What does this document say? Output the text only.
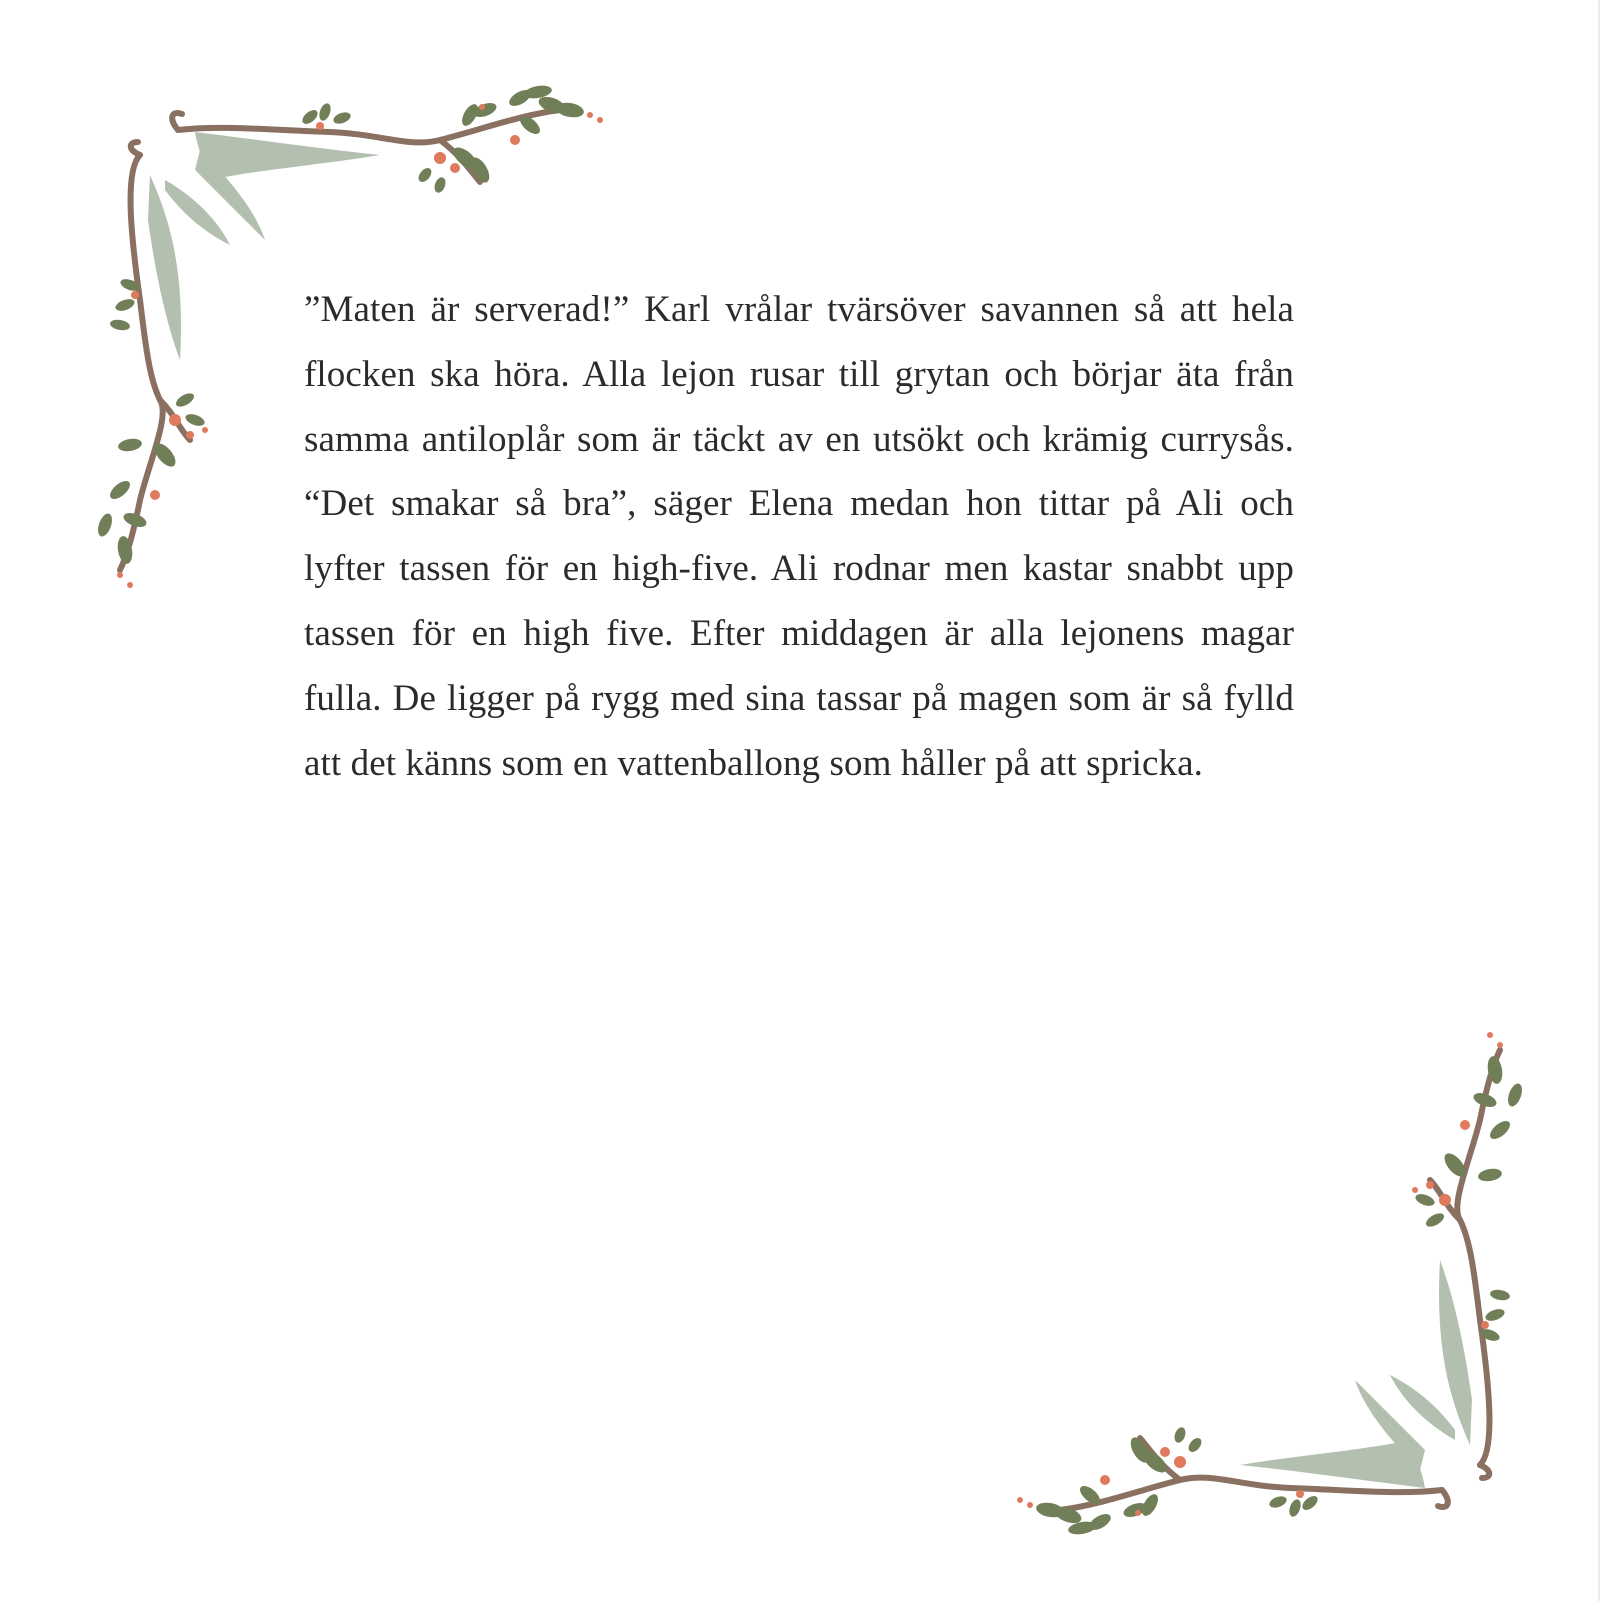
”Maten är serverad!” Karl vrålar tvärsöver savannen så att hela flocken ska höra. Alla lejon rusar till grytan och börjar äta från samma antiloplår som är täckt av en utsökt och krämig currysås. “Det smakar så bra”, säger Elena medan hon tittar på Ali och lyfter tassen för en high-five. Ali rodnar men kastar snabbt upp tassen för en high five. Efter middagen är alla lejonens magar fulla. De ligger på rygg med sina tassar på magen som är så fylld att det känns som en vattenballong som håller på att spricka.
